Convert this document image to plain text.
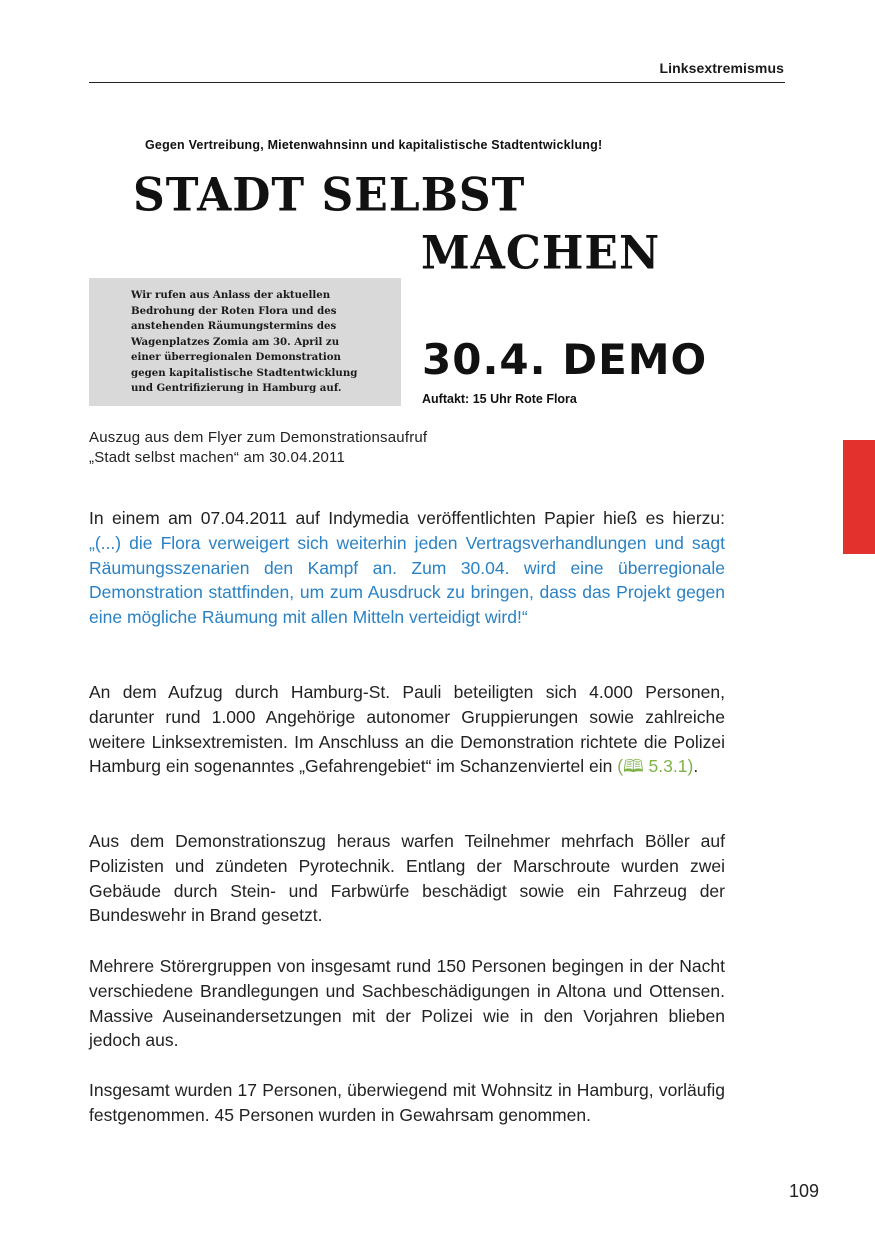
Linksextremismus
Gegen Vertreibung, Mietenwahnsinn und kapitalistische Stadtentwicklung!
STADT SELBST
MACHEN
Wir rufen aus Anlass der aktuellen
Bedrohung der Roten Flora und des
anstehenden Räumungstermins des
Wagenplatzes Zomia am 30. April zu
einer überregionalen Demonstration
gegen kapitalistische Stadtentwicklung
und Gentrifizierung in Hamburg auf.
30.4. DEMO
Auftakt: 15 Uhr Rote Flora
Auszug aus dem Flyer zum Demonstrationsaufruf
„Stadt selbst machen“ am 30.04.2011
In einem am 07.04.2011 auf Indymedia veröffentlichten Papier hieß es hierzu: „(...) die Flora verweigert sich weiterhin jeden Vertragsverhandlungen und sagt Räumungsszenarien den Kampf an. Zum 30.04. wird eine überregionale Demonstration stattfinden, um zum Ausdruck zu bringen, dass das Projekt gegen eine mögliche Räumung mit allen Mitteln verteidigt wird!“
An dem Aufzug durch Hamburg-St. Pauli beteiligten sich 4.000 Personen, darunter rund 1.000 Angehörige autonomer Gruppierungen sowie zahlreiche weitere Linksextremisten. Im Anschluss an die Demonstration richtete die Polizei Hamburg ein sogenanntes „Gefahrengebiet“ im Schanzenviertel ein (🕮 5.3.1).
Aus dem Demonstrationszug heraus warfen Teilnehmer mehrfach Böller auf Polizisten und zündeten Pyrotechnik. Entlang der Marschroute wurden zwei Gebäude durch Stein- und Farbwürfe beschädigt sowie ein Fahrzeug der Bundeswehr in Brand gesetzt.
Mehrere Störergruppen von insgesamt rund 150 Personen begingen in der Nacht verschiedene Brandlegungen und Sachbeschädigungen in Altona und Ottensen. Massive Auseinandersetzungen mit der Polizei wie in den Vorjahren blieben jedoch aus.
Insgesamt wurden 17 Personen, überwiegend mit Wohnsitz in Hamburg, vorläufig festgenommen. 45 Personen wurden in Gewahrsam genommen.
109
